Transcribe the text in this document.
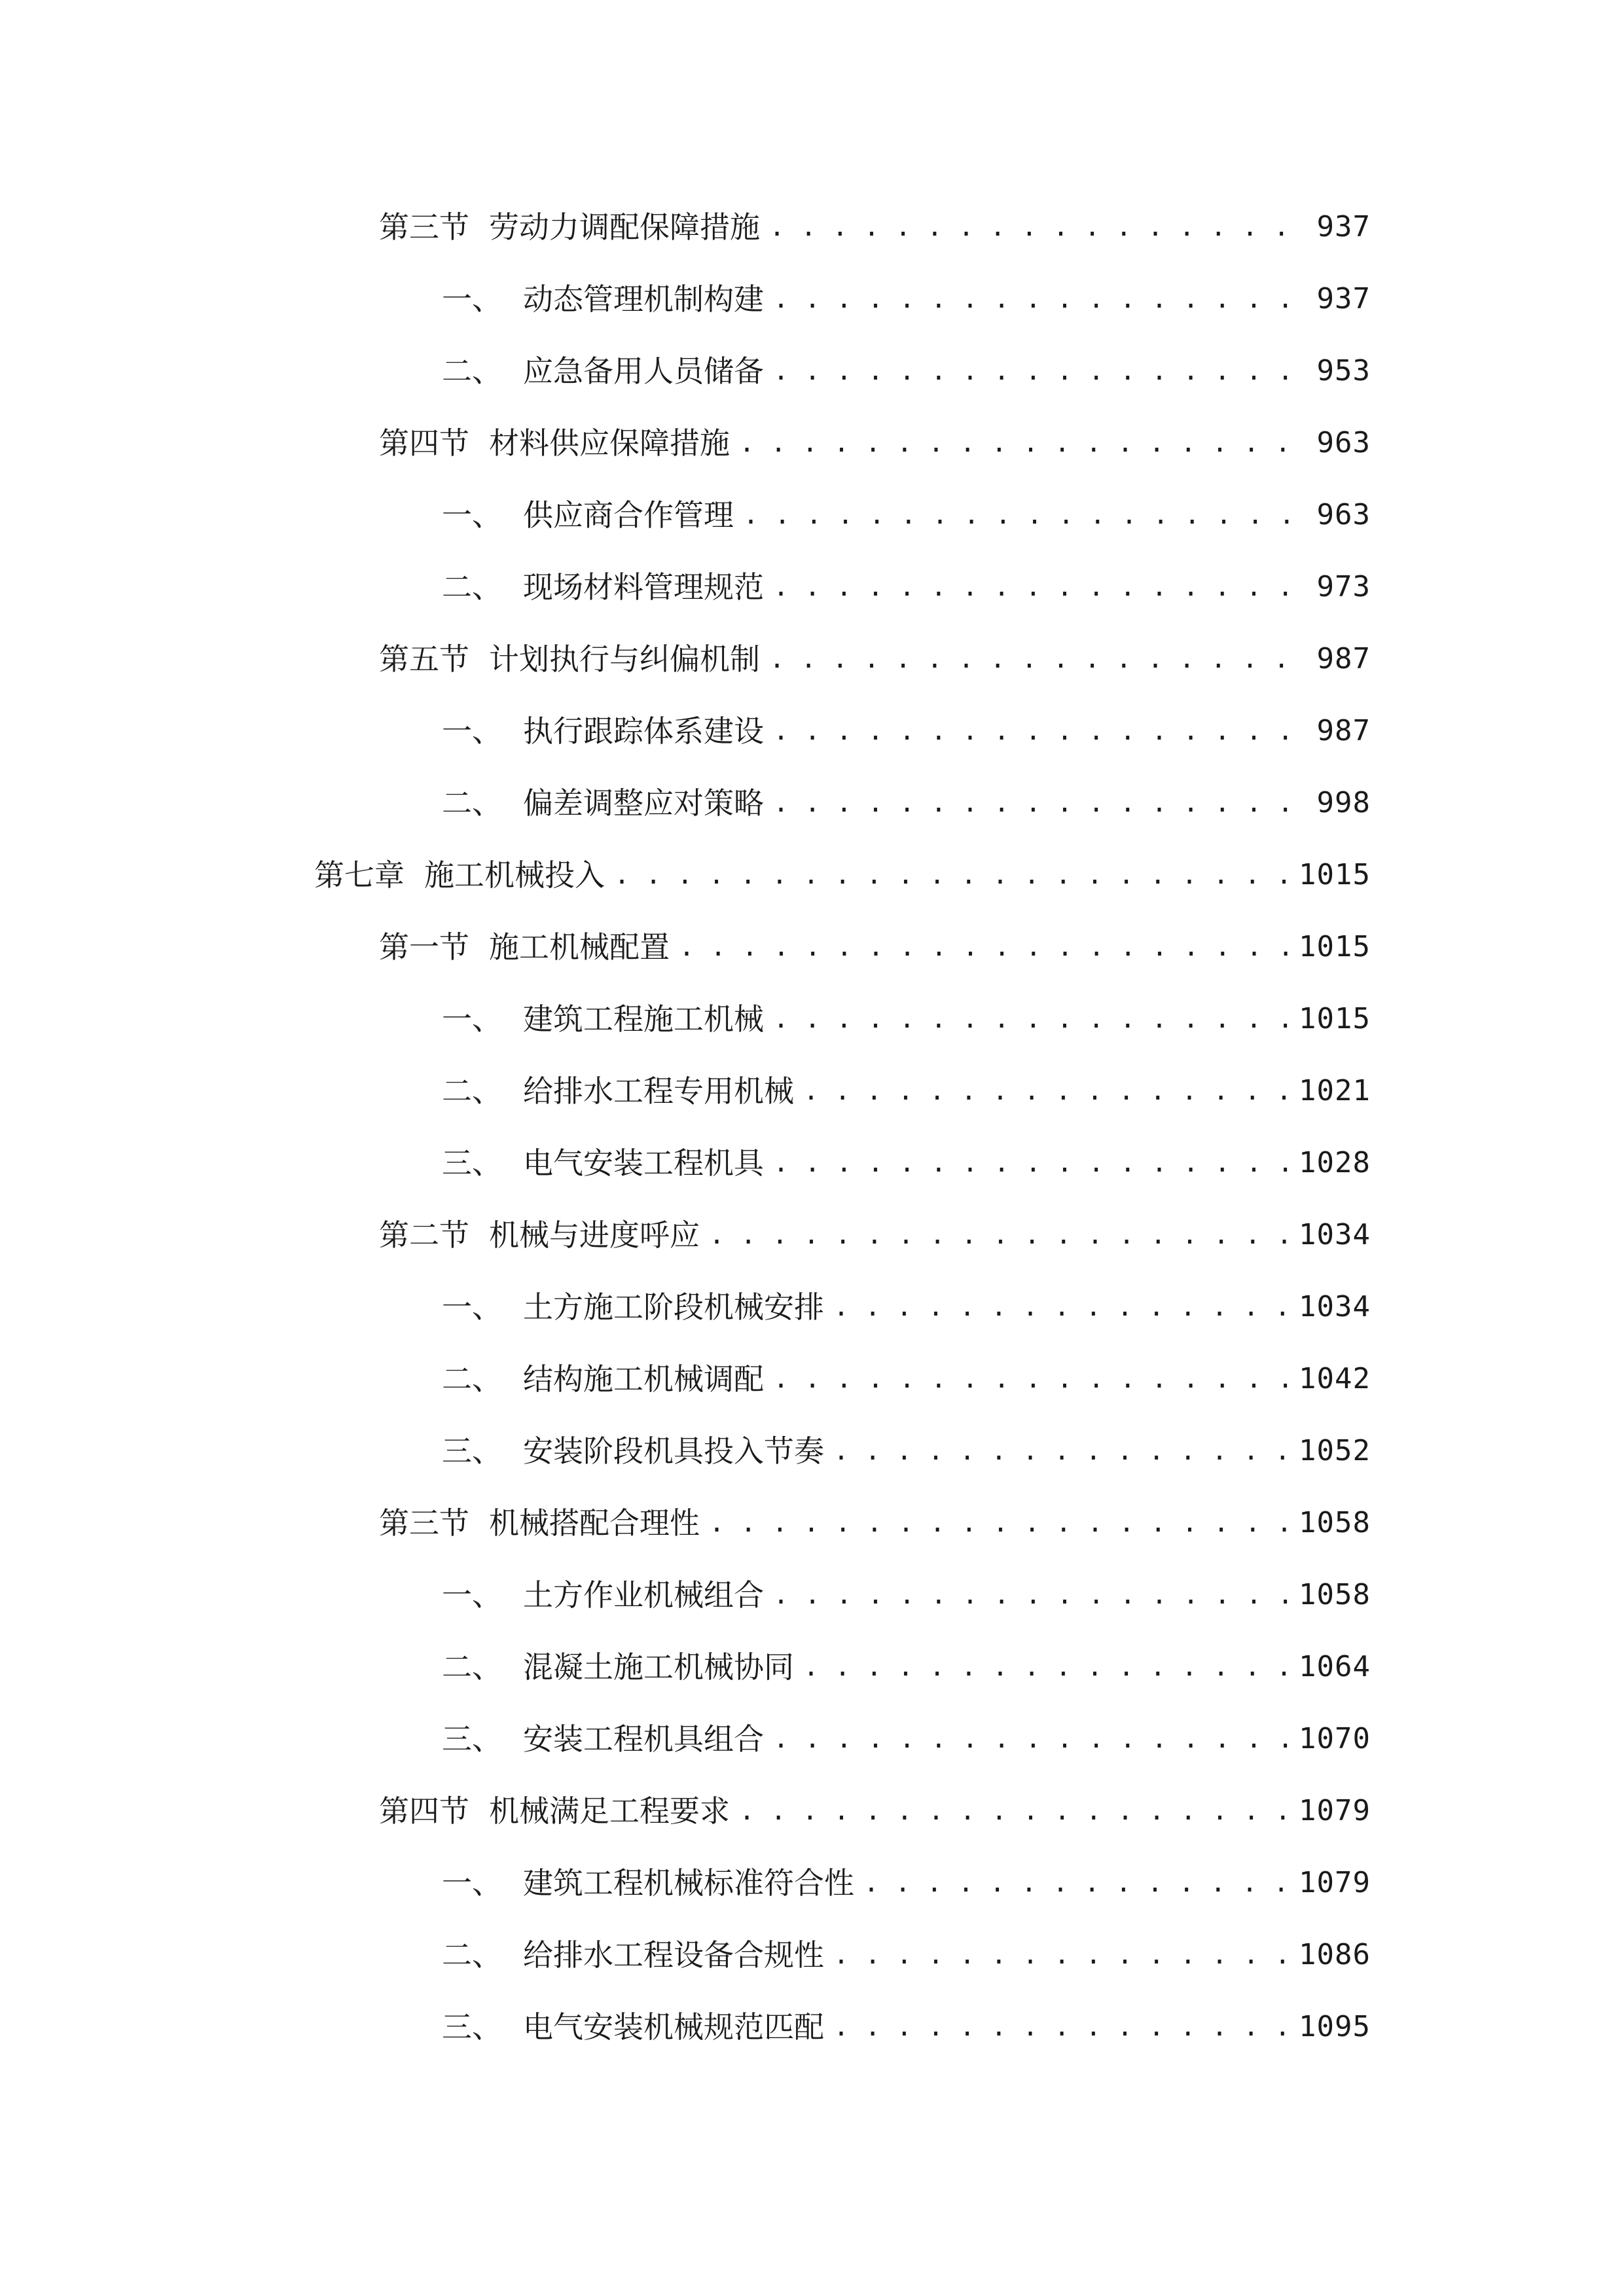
第三节 劳动力调配保障措施 . . .	937
一、 动态管理机制构建 . . .	937
二、 应急备用人员储备 . . .	953
第四节 材料供应保障措施 . . .	963
一、 供应商合作管理 . . .	963
二、 现场材料管理规范 . . .	973
第五节 计划执行与纠偏机制 . . .	987
一、 执行跟踪体系建设 . . .	987
二、 偏差调整应对策略 . . .	998
第七章 施工机械投入 . . .	1015
第一节 施工机械配置 . . .	1015
一、 建筑工程施工机械 . . .	1015
二、 给排水工程专用机械 . . .	1021
三、 电气安装工程机具 . . .	1028
第二节 机械与进度呼应 . . .	1034
一、 土方施工阶段机械安排 . . .	1034
二、 结构施工机械调配 . . .	1042
三、 安装阶段机具投入节奏 . . .	1052
第三节 机械搭配合理性 . . .	1058
一、 土方作业机械组合 . . .	1058
二、 混凝土施工机械协同 . . .	1064
三、 安装工程机具组合 . . .	1070
第四节 机械满足工程要求 . . .	1079
一、 建筑工程机械标准符合性 . . .	1079
二、 给排水工程设备合规性 . . .	1086
三、 电气安装机械规范匹配 . . .	1095
